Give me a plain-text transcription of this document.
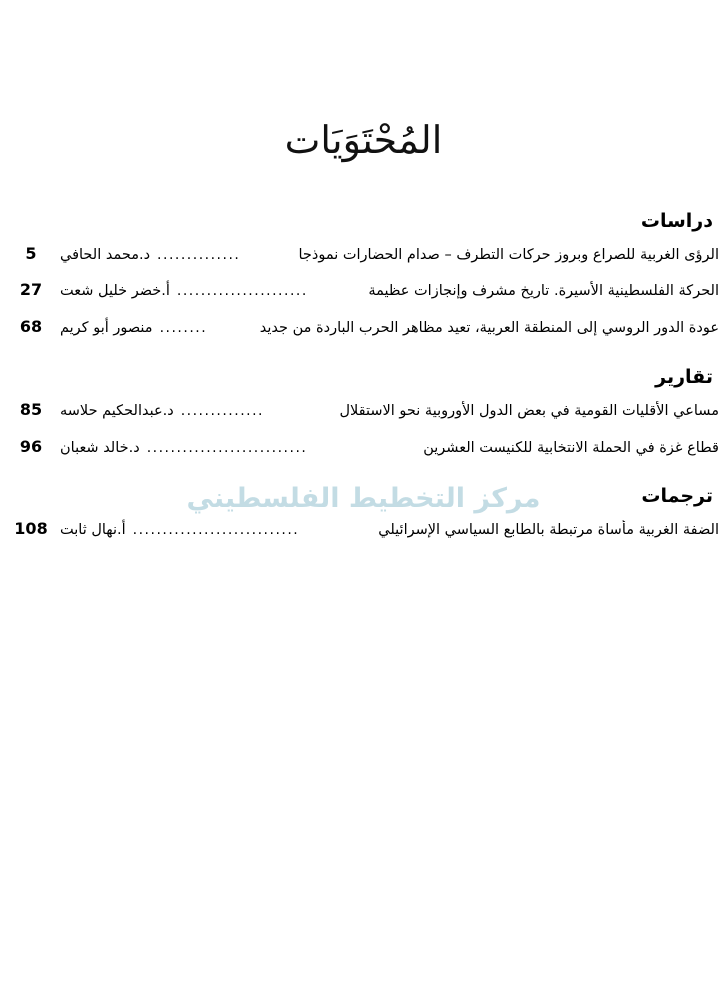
المُحْتَوَيَات
دراسات
الرؤى الغربية للصراع وبروز حركات التطرف – صدام الحضارات نموذجا
..............
د.محمد الحافي
5
الحركة الفلسطينية الأسيرة. تاريخ مشرف وإنجازات عظيمة
......................
أ.خضر خليل شعت
27
عودة الدور الروسي إلى المنطقة العربية، تعيد مظاهر الحرب الباردة من جديد
........
منصور أبو كريم
68
تقارير
مساعي الأقليات القومية في بعض الدول الأوروبية نحو الاستقلال
..............
د.عبدالحكيم حلاسه
85
قطاع غزة في الحملة الانتخابية للكنيست العشرين
...........................
د.خالد شعبان
96
ترجمات
الضفة الغربية مأساة مرتبطة بالطابع السياسي الإسرائيلي
............................
أ.نهال ثابت
108
مركز التخطيط الفلسطيني
